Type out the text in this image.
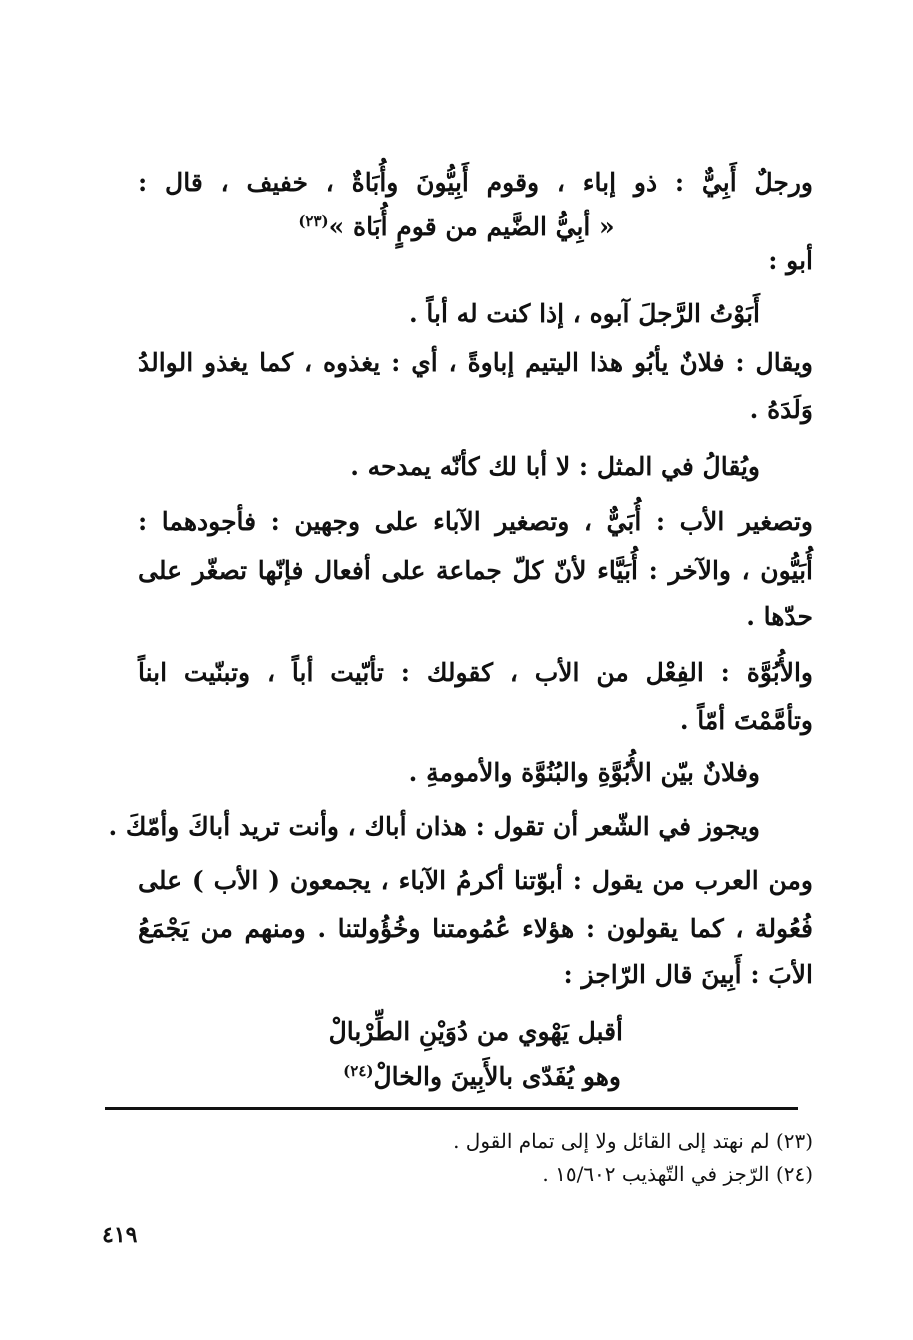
ورجلٌ أَبِيٌّ : ذو إباء ، وقوم أَبِيُّونَ وأُبَاةٌ ، خفيف ، قال :
« أبِيُّ الضَّيم من قومٍ أُبَاة »$^{(٢٣)}$
أبو :
أَبَوْتُ الرَّجلَ آبوه ، إذا كنت له أباً .
ويقال : فلانٌ يأبُو هذا اليتيم إباوةً ، أي : يغذوه ، كما يغذو الوالدُ
وَلَدَهُ .
ويُقالُ في المثل : لا أبا لك كأنّه يمدحه .
وتصغير الأب : أُبَيٌّ ، وتصغير الآباء على وجهين : فأجودهما :
أُبَيُّون ، والآخر : أُبَيَّاء لأنّ كلّ جماعة على أفعال فإنّها تصغّر على
حدّها .
والأُبُوَّة : الفِعْل من الأب ، كقولك : تأبّيت أباً ، وتبنّيت ابناً
وتأمَّمْتَ أمّاً .
وفلانٌ بيّن الأُبُوَّةِ والبُنُوَّة والأمومةِ .
ويجوز في الشّعر أن تقول : هذان أباك ، وأنت تريد أباكَ وأمّكَ .
ومن العرب من يقول : أبوّتنا أكرمُ الآباء ، يجمعون ( الأب ) على
فُعُولة ، كما يقولون : هؤلاء عُمُومتنا وخُؤُولتنا . ومنهم من يَجْمَعُ
الأبَ : أَبِينَ قال الرّاجز :
أقبل يَهْوي من دُوَيْنِ الطِّرْبالْ
وهو يُفَدّى بالأَبِينَ والخالْ$^{(٢٤)}$
(٢٣) لم نهتد إلى القائل ولا إلى تمام القول .
(٢٤) الرّجز في التّهذيب ١٥/٦٠٢ .
٤١٩
